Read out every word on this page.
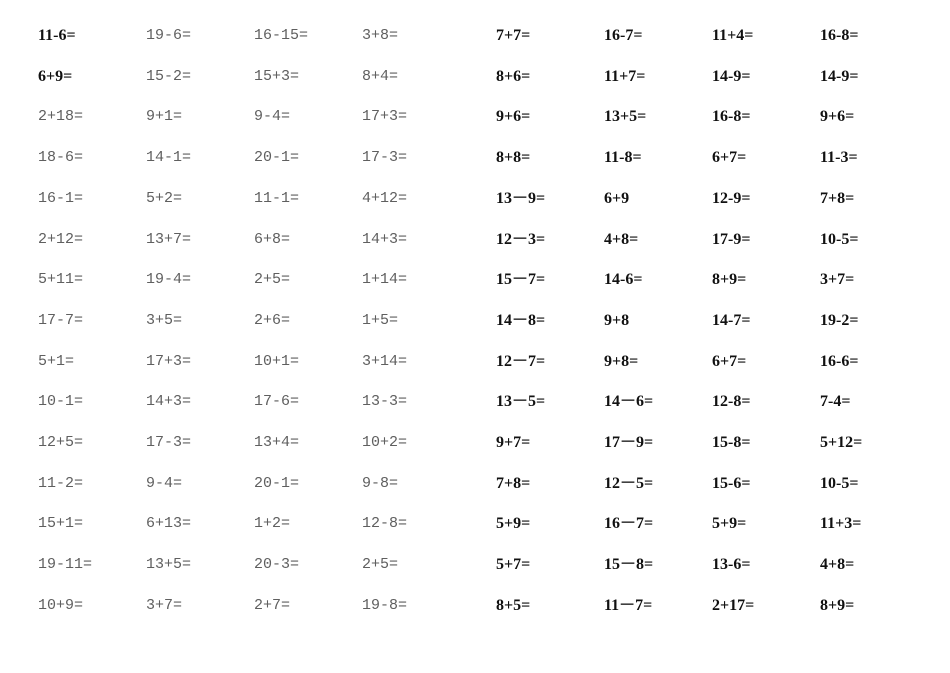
11-6=	19-6=	16-15=	3+8=	7+7=	16-7=	11+4=	16-8=
6+9=	15-2=	15+3=	8+4=	8+6=	11+7=	14-9=	14-9=
2+18=	9+1=	9-4=	17+3=	9+6=	13+5=	16-8=	9+6=
18-6=	14-1=	20-1=	17-3=	8+8=	11-8=	6+7=	11-3=
16-1=	5+2=	11-1=	4+12=	13－9=	6+9	12-9=	7+8=
2+12=	13+7=	6+8=	14+3=	12－3=	4+8=	17-9=	10-5=
5+11=	19-4=	2+5=	1+14=	15－7=	14-6=	8+9=	3+7=
17-7=	3+5=	2+6=	1+5=	14－8=	9+8	14-7=	19-2=
5+1=	17+3=	10+1=	3+14=	12－7=	9+8=	6+7=	16-6=
10-1=	14+3=	17-6=	13-3=	13－5=	14－6=	12-8=	7-4=
12+5=	17-3=	13+4=	10+2=	9+7=	17－9=	15-8=	5+12=
11-2=	9-4=	20-1=	9-8=	7+8=	12－5=	15-6=	10-5=
15+1=	6+13=	1+2=	12-8=	5+9=	16－7=	5+9=	11+3=
19-11=	13+5=	20-3=	2+5=	5+7=	15－8=	13-6=	4+8=
10+9=	3+7=	2+7=	19-8=	8+5=	11－7=	2+17=	8+9=
